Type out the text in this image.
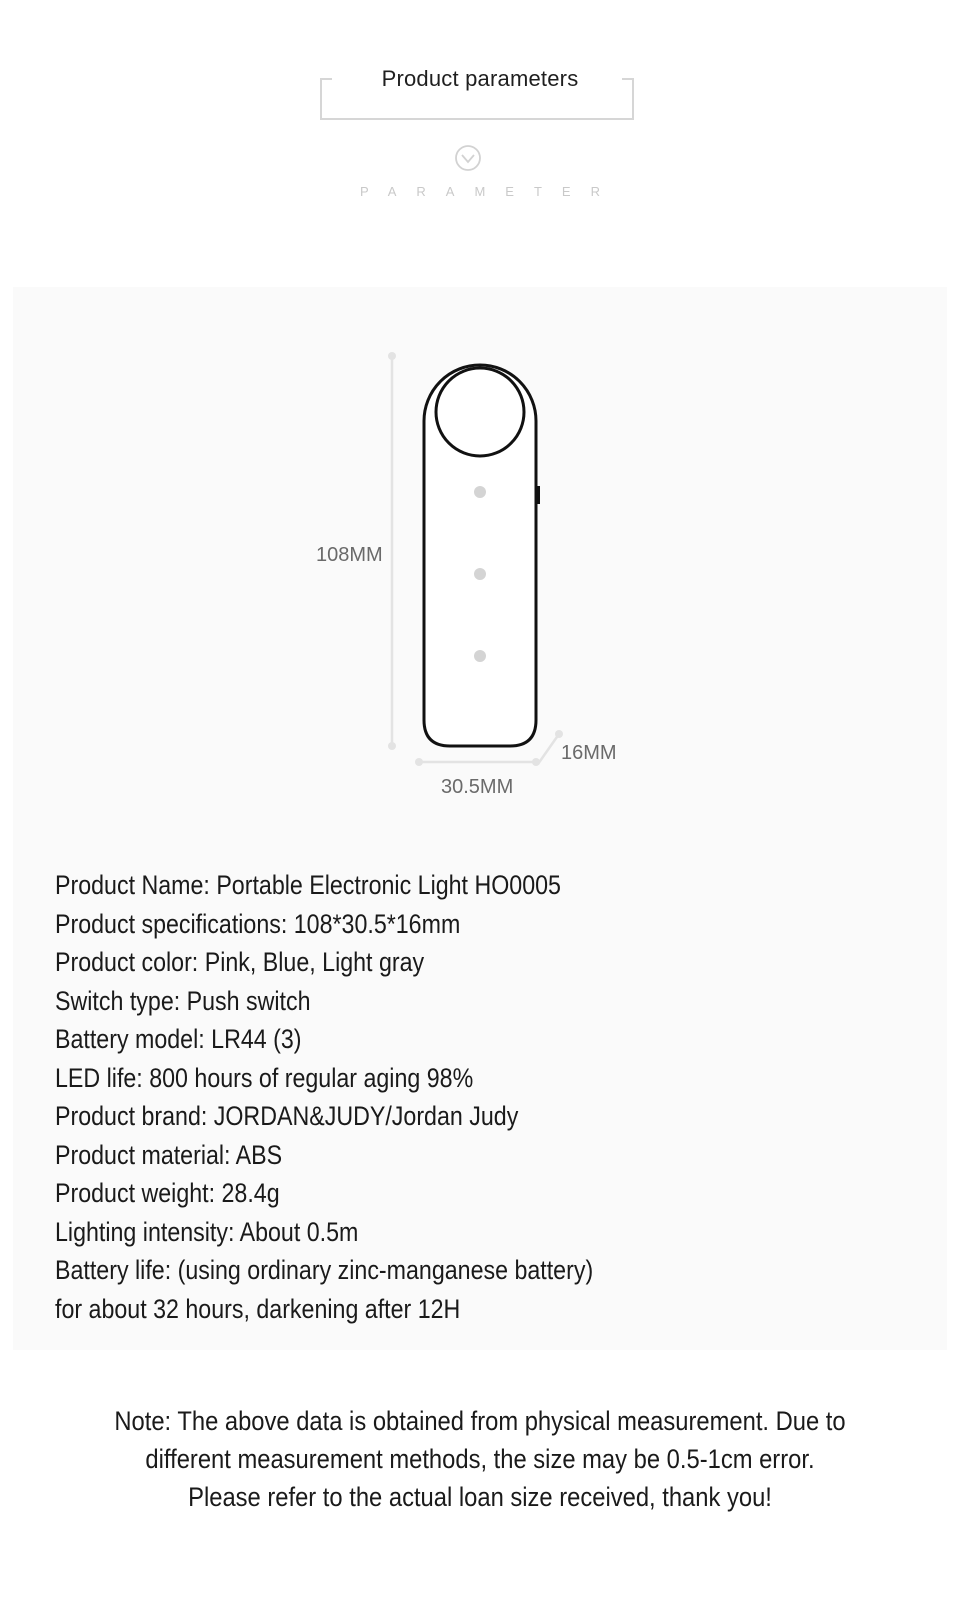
Product parameters
PARAMETER
108MM
16MM
30.5MM
Product Name: Portable Electronic Light HO0005
Product specifications: 108*30.5*16mm
Product color: Pink, Blue, Light gray
Switch type: Push switch
Battery model: LR44 (3)
LED life: 800 hours of regular aging 98%
Product brand: JORDAN&JUDY/Jordan Judy
Product material: ABS
Product weight: 28.4g
Lighting intensity: About 0.5m
Battery life: (using ordinary zinc-manganese battery)
for about 32 hours, darkening after 12H
Note: The above data is obtained from physical measurement. Due to
different measurement methods, the size may be 0.5-1cm error.
Please refer to the actual loan size received, thank you!
